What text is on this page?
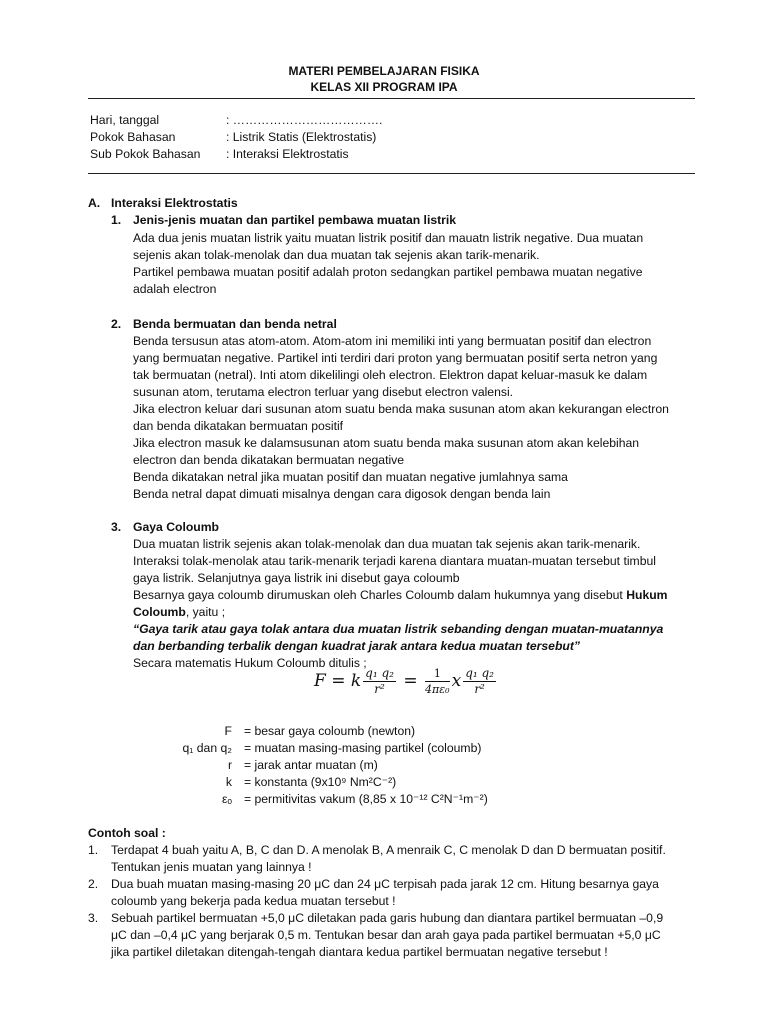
MATERI PEMBELAJARAN FISIKA
KELAS XII PROGRAM IPA
Hari, tanggal	: ……………………………….
Pokok Bahasan	: Listrik Statis (Elektrostatis)
Sub Pokok Bahasan : Interaksi Elektrostatis
A. Interaksi Elektrostatis
1. Jenis-jenis muatan dan partikel pembawa muatan listrik
Ada dua jenis muatan listrik yaitu muatan listrik positif dan mauatn listrik negative. Dua muatan
sejenis akan tolak-menolak dan dua muatan tak sejenis akan tarik-menarik.
Partikel pembawa muatan positif adalah proton sedangkan partikel pembawa muatan negative
adalah electron
2. Benda bermuatan dan benda netral
Benda tersusun atas atom-atom. Atom-atom ini memiliki inti yang bermuatan positif dan electron
yang bermuatan negative. Partikel inti terdiri dari proton yang bermuatan positif serta netron yang
tak bermuatan (netral). Inti atom dikelilingi oleh electron. Elektron dapat keluar-masuk ke dalam
susunan atom, terutama electron terluar yang disebut electron valensi.
Jika electron keluar dari susunan atom suatu benda maka susunan atom akan kekurangan electron
dan benda dikatakan bermuatan positif
Jika electron masuk ke dalamsusunan atom suatu benda maka susunan atom akan kelebihan
electron dan benda dikatakan bermuatan negative
Benda dikatakan netral jika muatan positif dan muatan negative jumlahnya sama
Benda netral dapat dimuati misalnya dengan cara digosok dengan benda lain
3. Gaya Coloumb
Dua muatan listrik sejenis akan tolak-menolak dan dua muatan tak sejenis akan tarik-menarik.
Interaksi tolak-menolak atau tarik-menarik terjadi karena diantara muatan-muatan tersebut timbul
gaya listrik. Selanjutnya gaya listrik ini disebut gaya coloumb
Besarnya gaya coloumb dirumuskan oleh Charles Coloumb dalam hukumnya yang disebut Hukum
Coloumb, yaitu ;
“Gaya tarik atau gaya tolak antara dua muatan listrik sebanding dengan muatan-muatannya
dan berbanding terbalik dengan kuadrat jarak antara kedua muatan tersebut”
Secara matematis Hukum Coloumb ditulis ;
F = k $\frac{\text{q₁ q₂}}{\text{r²}} = \frac{1}{\text{4πε₀}}$ x $\frac{\text{q₁ q₂}}{\text{r²}}$
F = besar gaya coloumb (newton)
q₁ dan q₂ = muatan masing-masing partikel (coloumb)
r = jarak antar muatan (m)
k = konstanta (9x10⁹ Nm²C⁻²)
εₒ = permitivitas vakum (8,85 x 10⁻¹² C²N⁻¹m⁻²)
Contoh soal :
1. Terdapat 4 buah yaitu A, B, C dan D. A menolak B, A menraik C, C menolak D dan D bermuatan positif.
Tentukan jenis muatan yang lainnya !
2. Dua buah muatan masing-masing 20 μC dan 24 μC terpisah pada jarak 12 cm. Hitung besarnya gaya
coloumb yang bekerja pada kedua muatan tersebut !
3. Sebuah partikel bermuatan +5,0 μC diletakan pada garis hubung dan diantara partikel bermuatan –0,9
μC dan –0,4 μC yang berjarak 0,5 m. Tentukan besar dan arah gaya pada partikel bermuatan +5,0 μC
jika partikel diletakan ditengah-tengah diantara kedua partikel bermuatan negative tersebut !
